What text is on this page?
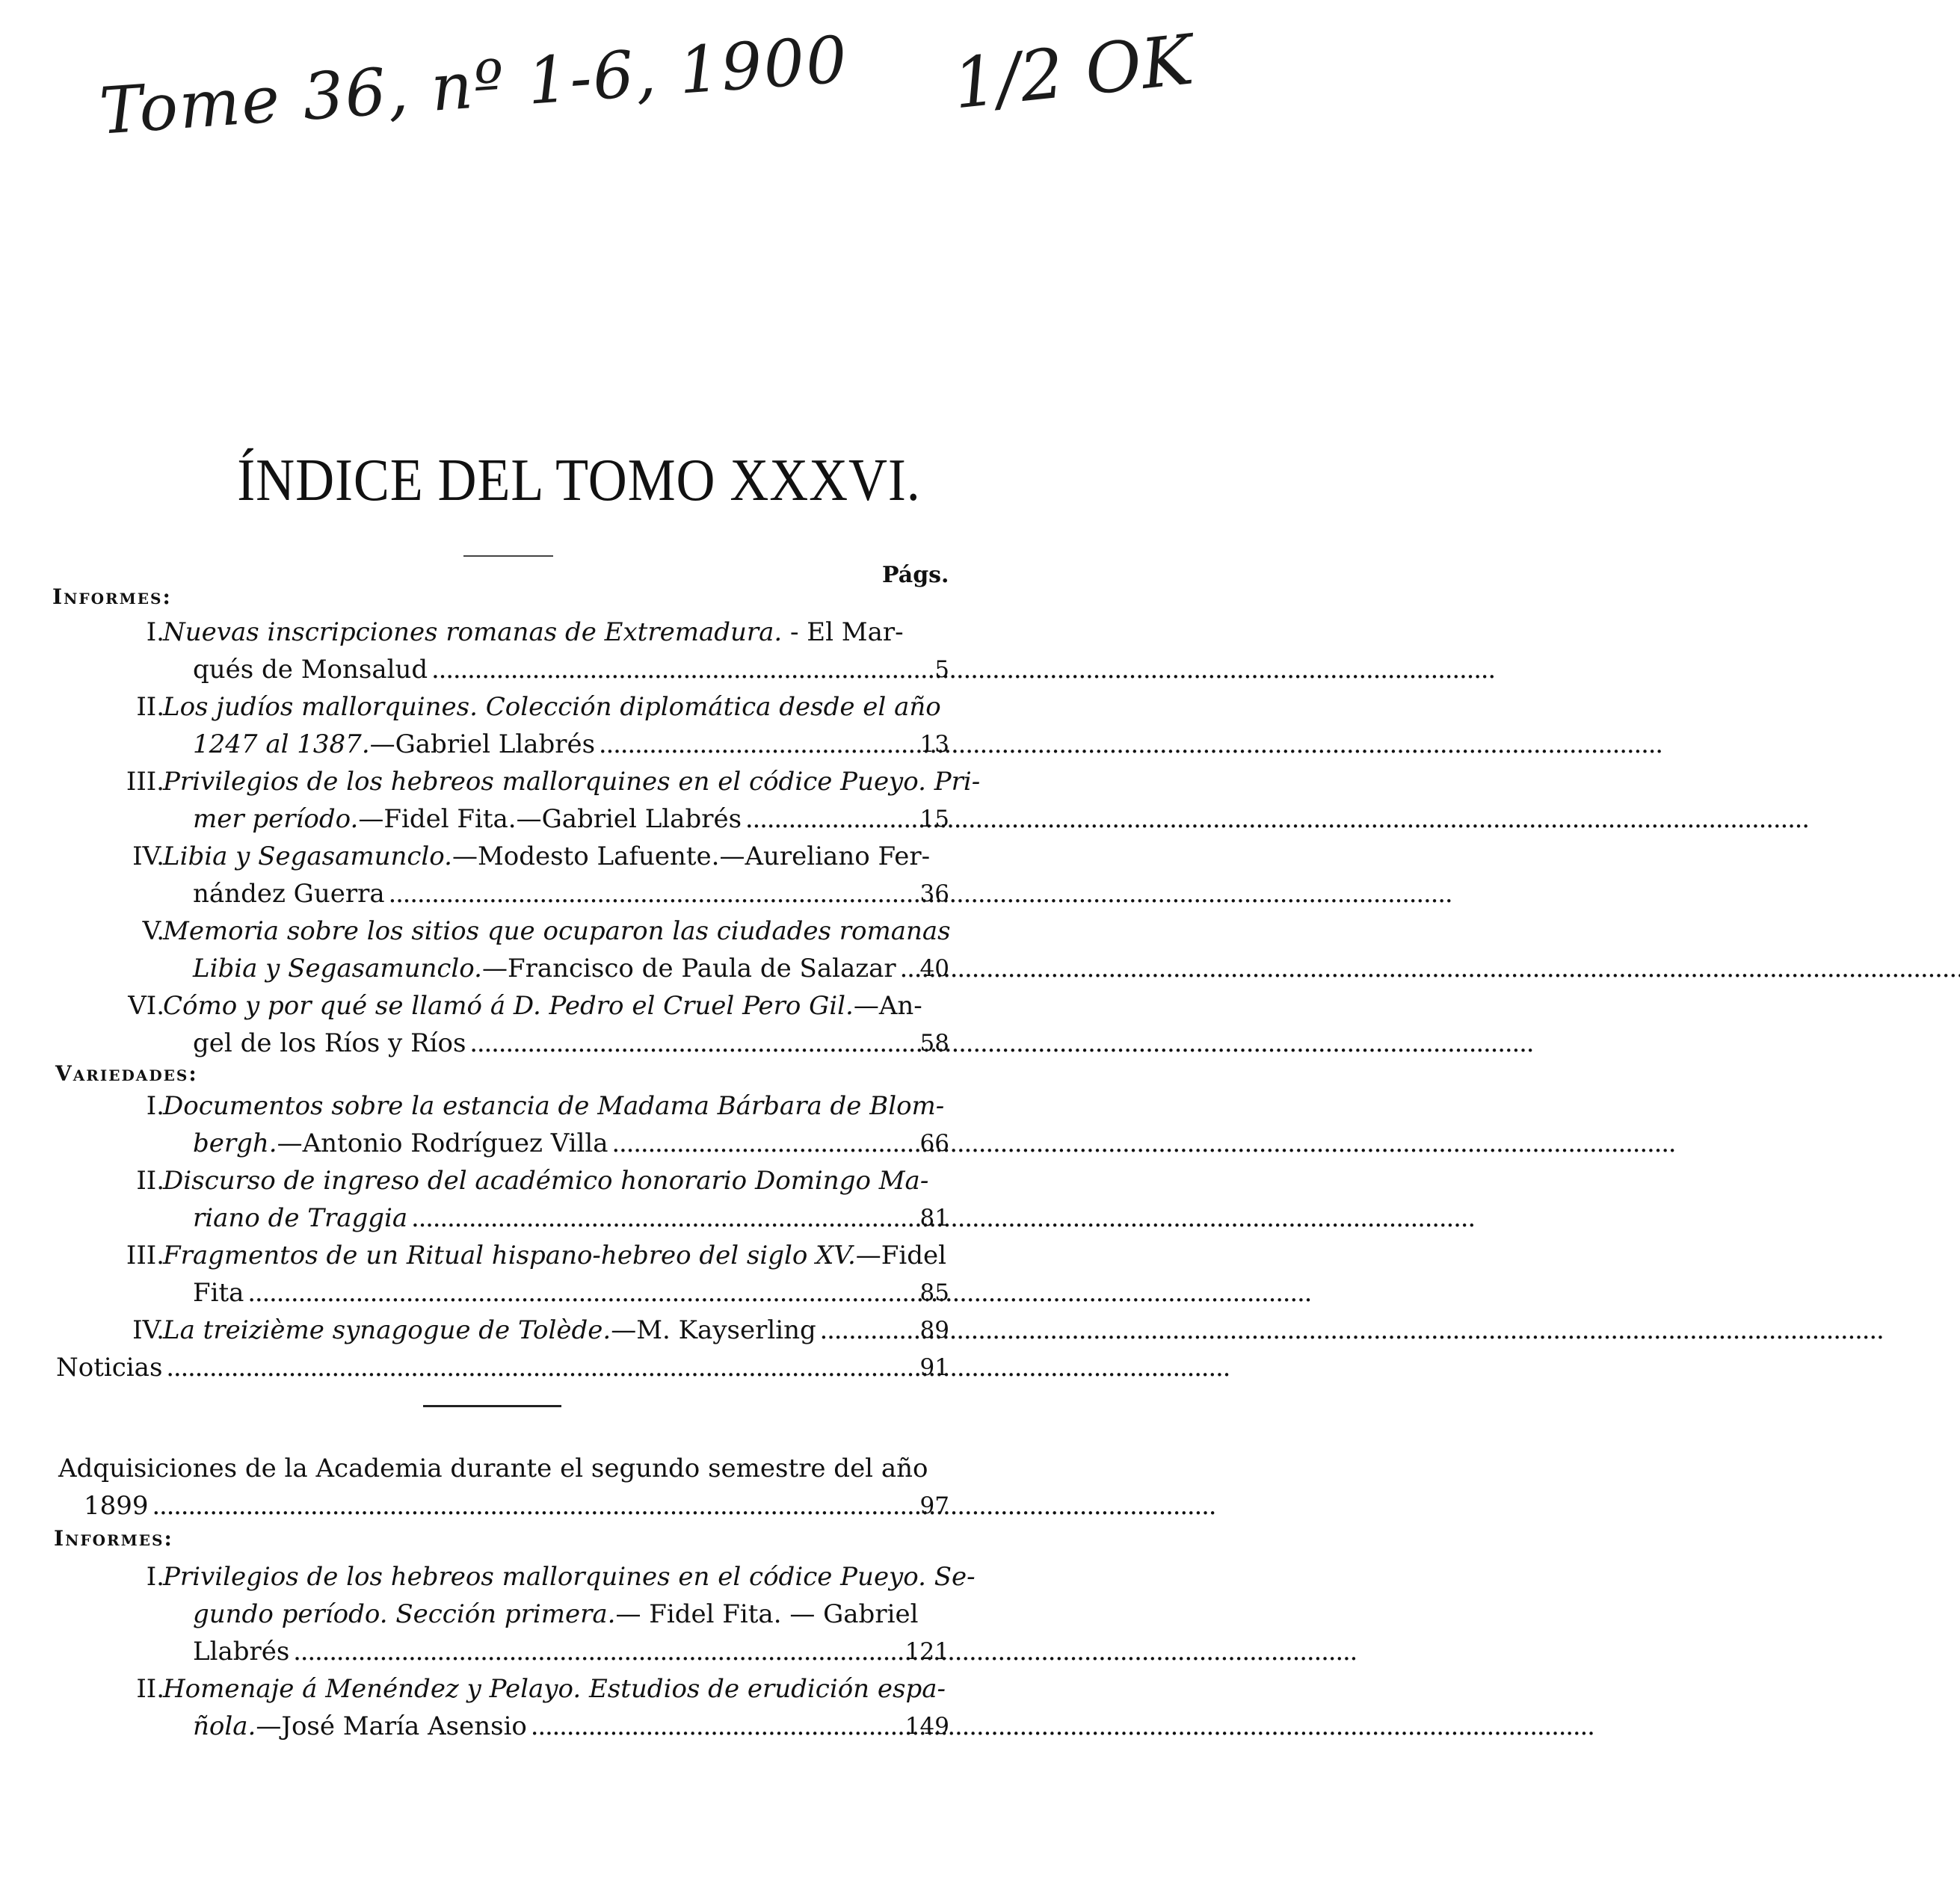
Tome 36, nº 1-6, 1900 1/2 OK
ÍNDICE DEL TOMO XXXVI.
Págs.
Informes:
I.
Nuevas inscripciones romanas de Extremadura. - El Mar-
qués de Monsalud . . .	5
II.
Los judíos mallorquines. Colección diplomática desde el año
1247 al 1387.—Gabriel Llabrés . . .	13
III.
Privilegios de los hebreos mallorquines en el códice Pueyo. Pri-
mer período.—Fidel Fita.—Gabriel Llabrés . . .	15
IV.
Libia y Segasamunclo.—Modesto Lafuente.—Aureliano Fer-
nández Guerra . . .	36
V.
Memoria sobre los sitios que ocuparon las ciudades romanas
Libia y Segasamunclo.—Francisco de Paula de Salazar . . .	40
VI.
Cómo y por qué se llamó á D. Pedro el Cruel Pero Gil.—An-
gel de los Ríos y Ríos . . .	58
Variedades:
I.
Documentos sobre la estancia de Madama Bárbara de Blom-
bergh.—Antonio Rodríguez Villa . . .	66
II.
Discurso de ingreso del académico honorario Domingo Ma-
riano de Traggia . . .	81
III.
Fragmentos de un Ritual hispano-hebreo del siglo XV.—Fidel
Fita . . .	85
IV.
La treizième synagogue de Tolède.—M. Kayserling . . .	89
Noticias . . .	91
Adquisiciones de la Academia durante el segundo semestre del año
1899 . . .	97
Informes:
I.
Privilegios de los hebreos mallorquines en el códice Pueyo. Se-
gundo período. Sección primera.— Fidel Fita. — Gabriel
Llabrés . . .	121
II.
Homenaje á Menéndez y Pelayo. Estudios de erudición espa-
ñola.—José María Asensio . . .	149
